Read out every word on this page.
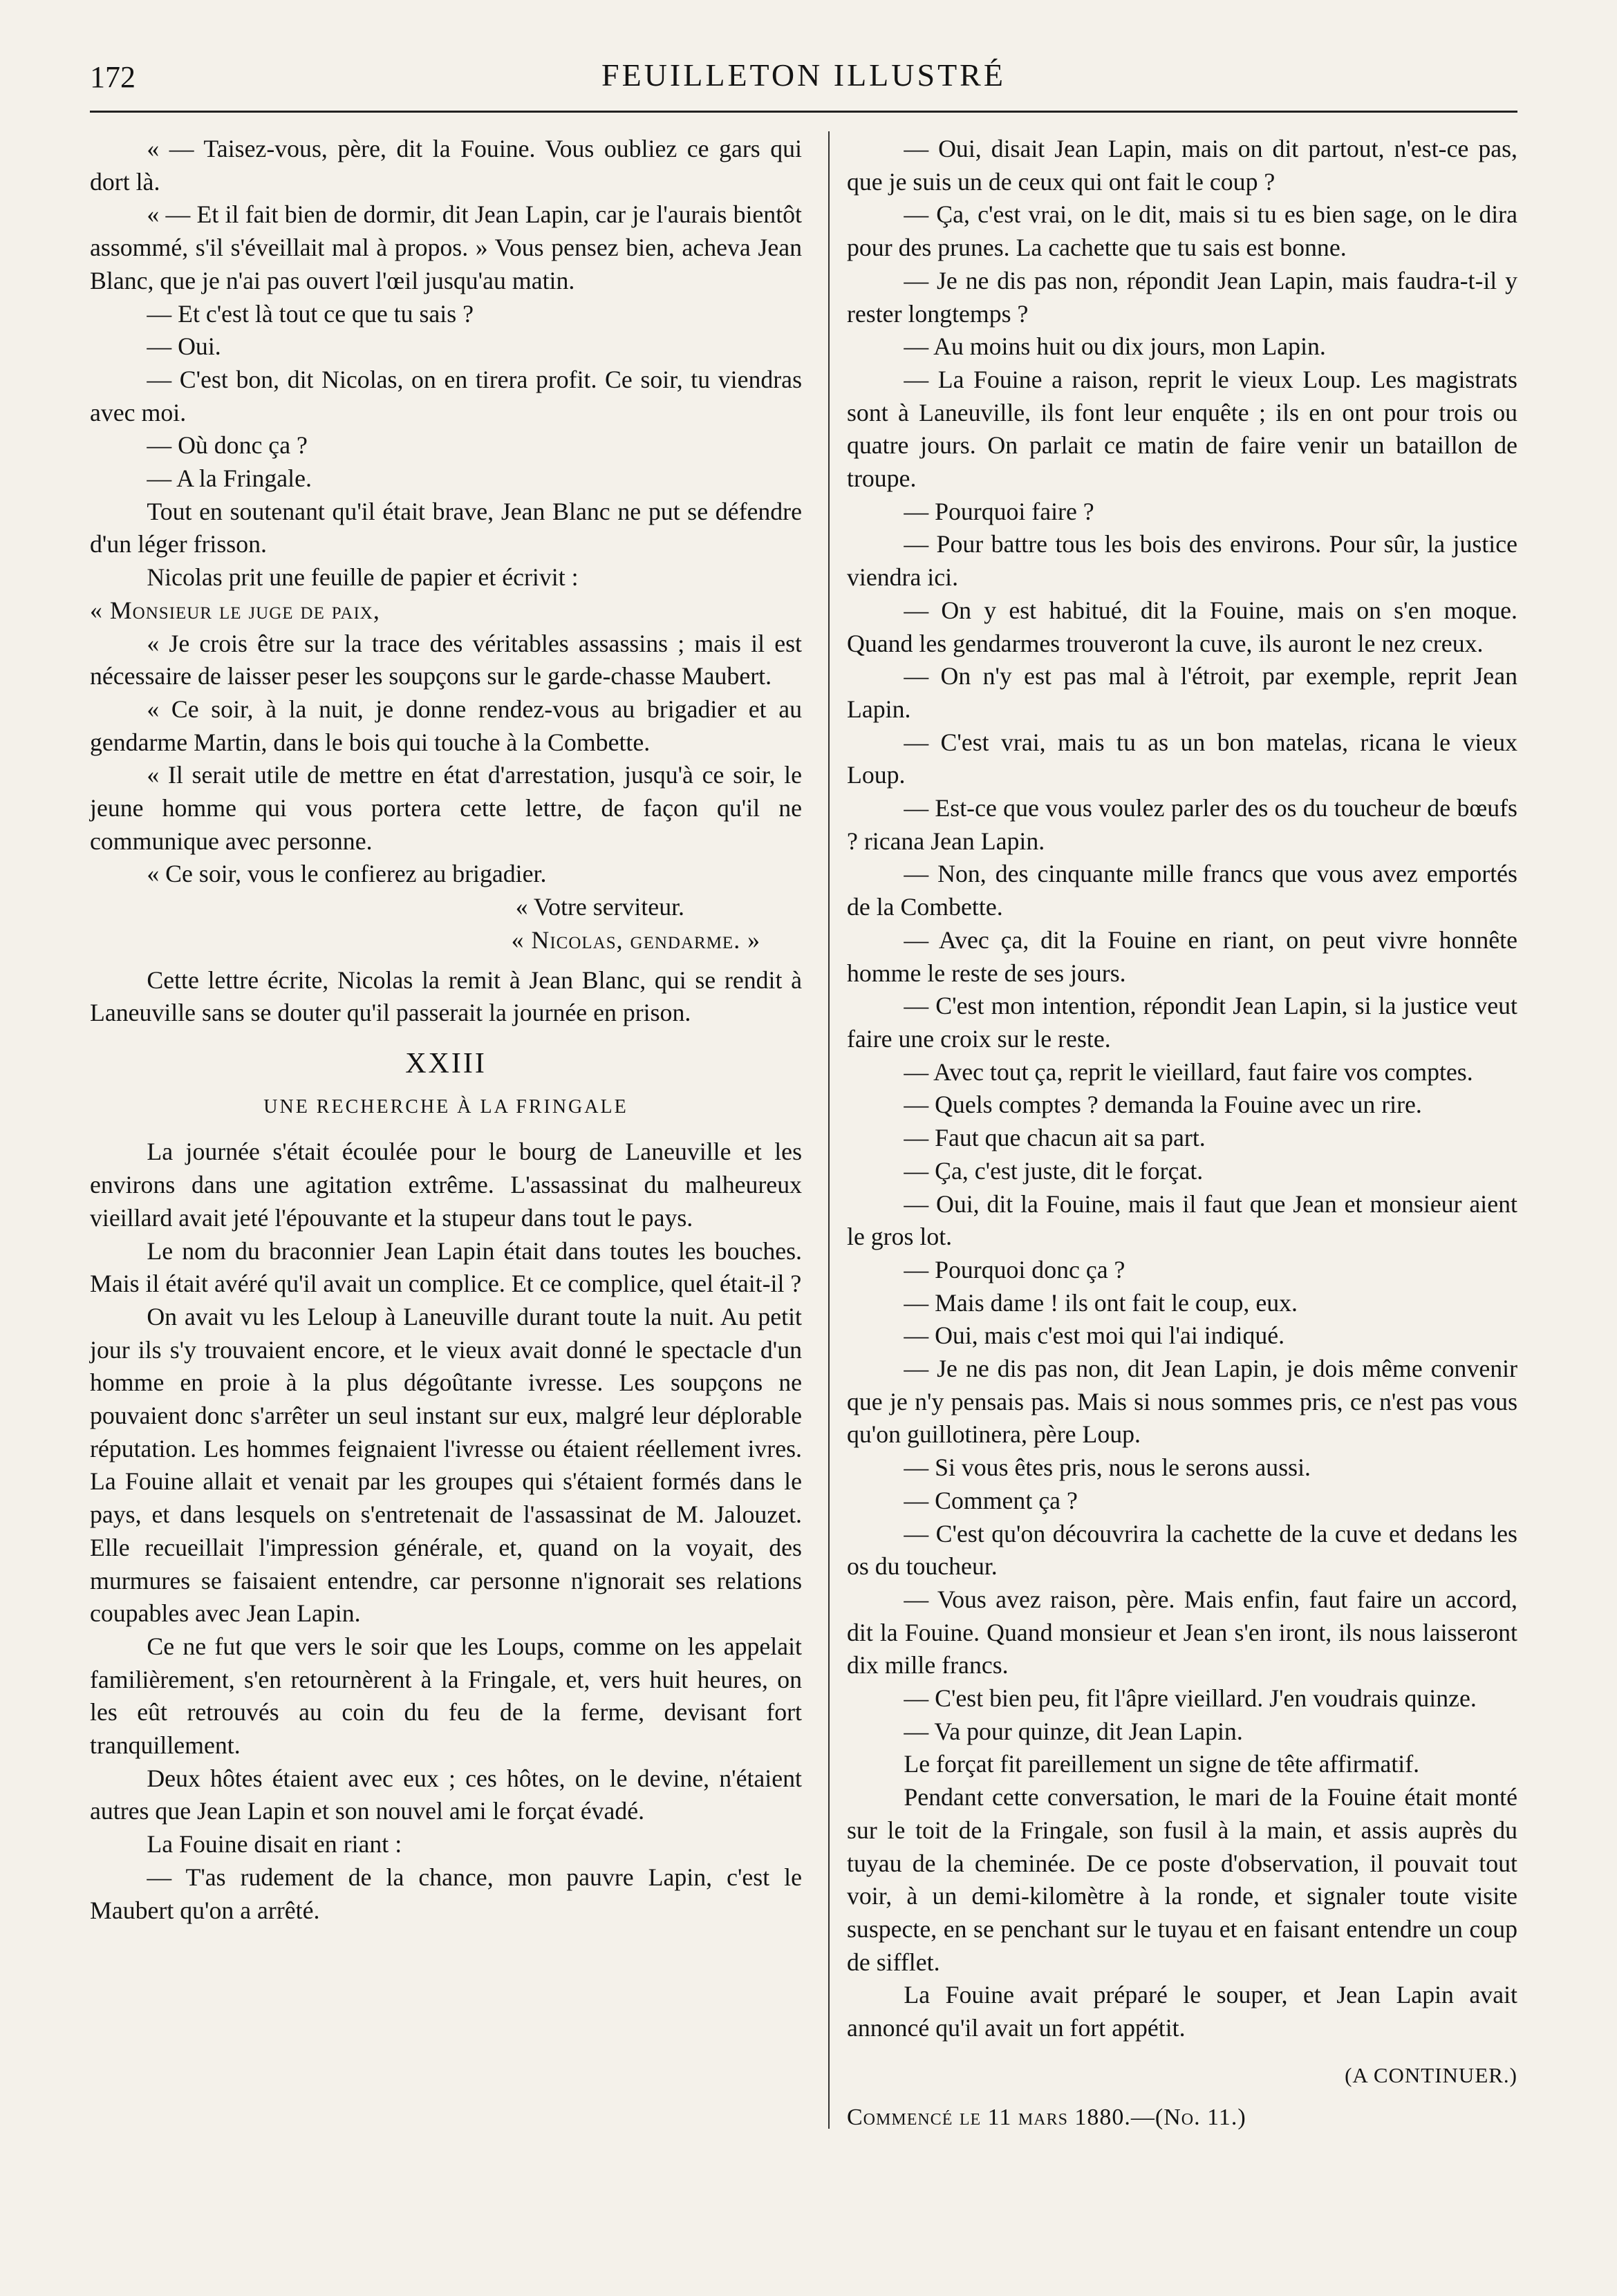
172	FEUILLETON ILLUSTRÉ

« — Taisez-vous, père, dit la Fouine. Vous oubliez ce gars qui dort là.

« — Et il fait bien de dormir, dit Jean Lapin, car je l'aurais bientôt assommé, s'il s'éveillait mal à propos. » Vous pensez bien, acheva Jean Blanc, que je n'ai pas ouvert l'œil jusqu'au matin.

— Et c'est là tout ce que tu sais ?

— Oui.

— C'est bon, dit Nicolas, on en tirera profit. Ce soir, tu viendras avec moi.

— Où donc ça ?

— A la Fringale.

Tout en soutenant qu'il était brave, Jean Blanc ne put se défendre d'un léger frisson.

Nicolas prit une feuille de papier et écrivit :

« Monsieur le juge de paix,

« Je crois être sur la trace des véritables assassins ; mais il est nécessaire de laisser peser les soupçons sur le garde-chasse Maubert.

« Ce soir, à la nuit, je donne rendez-vous au brigadier et au gendarme Martin, dans le bois qui touche à la Combette.

« Il serait utile de mettre en état d'arrestation, jusqu'à ce soir, le jeune homme qui vous portera cette lettre, de façon qu'il ne communique avec personne.

« Ce soir, vous le confierez au brigadier.

« Votre serviteur.

« Nicolas, gendarme. »

Cette lettre écrite, Nicolas la remit à Jean Blanc, qui se rendit à Laneuville sans se douter qu'il passerait la journée en prison.

XXIII

UNE RECHERCHE À LA FRINGALE

La journée s'était écoulée pour le bourg de Laneuville et les environs dans une agitation extrême. L'assassinat du malheureux vieillard avait jeté l'épouvante et la stupeur dans tout le pays.

Le nom du braconnier Jean Lapin était dans toutes les bouches. Mais il était avéré qu'il avait un complice. Et ce complice, quel était-il ?

On avait vu les Leloup à Laneuville durant toute la nuit. Au petit jour ils s'y trouvaient encore, et le vieux avait donné le spectacle d'un homme en proie à la plus dégoûtante ivresse. Les soupçons ne pouvaient donc s'arrêter un seul instant sur eux, malgré leur déplorable réputation. Les hommes feignaient l'ivresse ou étaient réellement ivres. La Fouine allait et venait par les groupes qui s'étaient formés dans le pays, et dans lesquels on s'entretenait de l'assassinat de M. Jalouzet. Elle recueillait l'impression générale, et, quand on la voyait, des murmures se faisaient entendre, car personne n'ignorait ses relations coupables avec Jean Lapin.

Ce ne fut que vers le soir que les Loups, comme on les appelait familièrement, s'en retournèrent à la Fringale, et, vers huit heures, on les eût retrouvés au coin du feu de la ferme, devisant fort tranquillement.

Deux hôtes étaient avec eux ; ces hôtes, on le devine, n'étaient autres que Jean Lapin et son nouvel ami le forçat évadé.

La Fouine disait en riant :

— T'as rudement de la chance, mon pauvre Lapin, c'est le Maubert qu'on a arrêté.

— Oui, disait Jean Lapin, mais on dit partout, n'est-ce pas, que je suis un de ceux qui ont fait le coup ?

— Ça, c'est vrai, on le dit, mais si tu es bien sage, on le dira pour des prunes. La cachette que tu sais est bonne.

— Je ne dis pas non, répondit Jean Lapin, mais faudra-t-il y rester longtemps ?

— Au moins huit ou dix jours, mon Lapin.

— La Fouine a raison, reprit le vieux Loup. Les magistrats sont à Laneuville, ils font leur enquête ; ils en ont pour trois ou quatre jours. On parlait ce matin de faire venir un bataillon de troupe.

— Pourquoi faire ?

— Pour battre tous les bois des environs. Pour sûr, la justice viendra ici.

— On y est habitué, dit la Fouine, mais on s'en moque. Quand les gendarmes trouveront la cuve, ils auront le nez creux.

— On n'y est pas mal à l'étroit, par exemple, reprit Jean Lapin.

— C'est vrai, mais tu as un bon matelas, ricana le vieux Loup.

— Est-ce que vous voulez parler des os du toucheur de bœufs ? ricana Jean Lapin.

— Non, des cinquante mille francs que vous avez emportés de la Combette.

— Avec ça, dit la Fouine en riant, on peut vivre honnête homme le reste de ses jours.

— C'est mon intention, répondit Jean Lapin, si la justice veut faire une croix sur le reste.

— Avec tout ça, reprit le vieillard, faut faire vos comptes.

— Quels comptes ? demanda la Fouine avec un rire.

— Faut que chacun ait sa part.

— Ça, c'est juste, dit le forçat.

— Oui, dit la Fouine, mais il faut que Jean et monsieur aient le gros lot.

— Pourquoi donc ça ?

— Mais dame ! ils ont fait le coup, eux.

— Oui, mais c'est moi qui l'ai indiqué.

— Je ne dis pas non, dit Jean Lapin, je dois même convenir que je n'y pensais pas. Mais si nous sommes pris, ce n'est pas vous qu'on guillotinera, père Loup.

— Si vous êtes pris, nous le serons aussi.

— Comment ça ?

— C'est qu'on découvrira la cachette de la cuve et dedans les os du toucheur.

— Vous avez raison, père. Mais enfin, faut faire un accord, dit la Fouine. Quand monsieur et Jean s'en iront, ils nous laisseront dix mille francs.

— C'est bien peu, fit l'âpre vieillard. J'en voudrais quinze.

— Va pour quinze, dit Jean Lapin.

Le forçat fit pareillement un signe de tête affirmatif.

Pendant cette conversation, le mari de la Fouine était monté sur le toit de la Fringale, son fusil à la main, et assis auprès du tuyau de la cheminée. De ce poste d'observation, il pouvait tout voir, à un demi-kilomètre à la ronde, et signaler toute visite suspecte, en se penchant sur le tuyau et en faisant entendre un coup de sifflet.

La Fouine avait préparé le souper, et Jean Lapin avait annoncé qu'il avait un fort appétit.

(A CONTINUER.)

Commencé le 11 mars 1880.—(No. 11.)
